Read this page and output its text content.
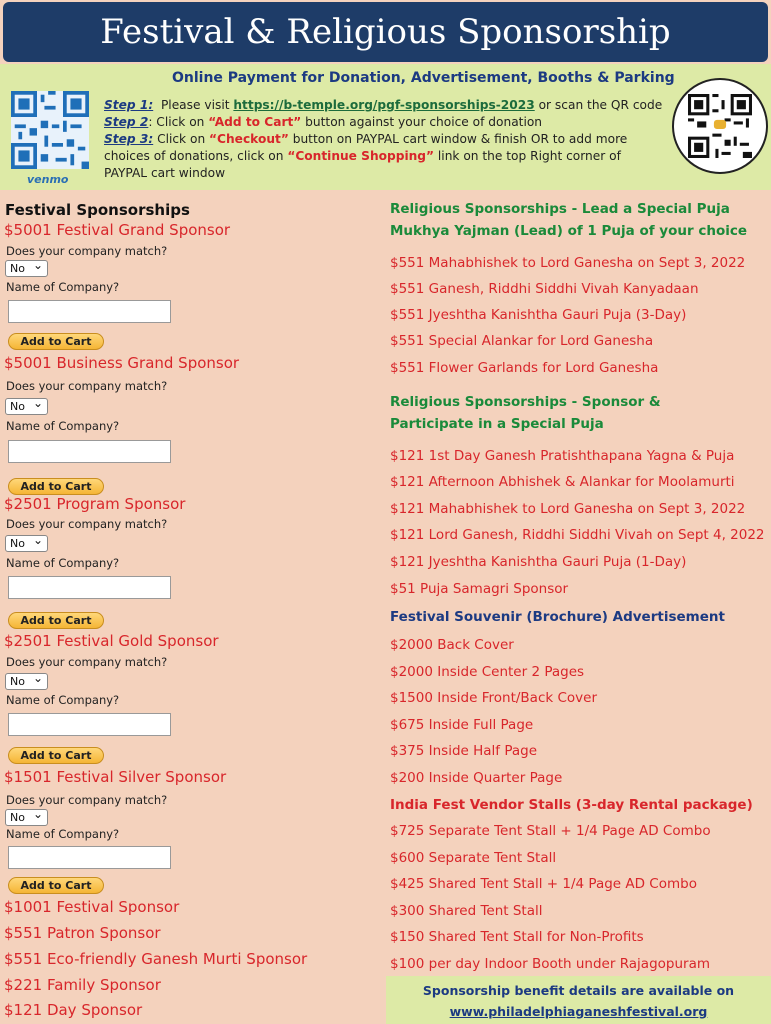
Festival & Religious Sponsorship
Online Payment for Donation, Advertisement, Booths & Parking
venmo
Step 1: Please visit https://b-temple.org/pgf-sponsorships-2023 or scan the QR code
Step 2: Click on “Add to Cart” button against your choice of donation
Step 3: Click on “Checkout” button on PAYPAL cart window & finish OR to add more choices of donations, click on “Continue Shopping” link on the top Right corner of PAYPAL cart window
Festival Sponsorships
$5001 Festival Grand Sponsor
Does your company match?
No ⌄
Name of Company?
Add to Cart
$5001 Business Grand Sponsor
Does your company match?
No ⌄
Name of Company?
Add to Cart
$2501 Program Sponsor
Does your company match?
No ⌄
Name of Company?
Add to Cart
$2501 Festival Gold Sponsor
Does your company match?
No ⌄
Name of Company?
Add to Cart
$1501 Festival Silver Sponsor
Does your company match?
No ⌄
Name of Company?
Add to Cart
$1001 Festival Sponsor
$551 Patron Sponsor
$551 Eco-friendly Ganesh Murti Sponsor
$221 Family Sponsor
$121 Day Sponsor
Religious Sponsorships - Lead a Special Puja
Mukhya Yajman (Lead) of 1 Puja of your choice
$551 Mahabhishek to Lord Ganesha on Sept 3, 2022
$551 Ganesh, Riddhi Siddhi Vivah Kanyadaan
$551 Jyeshtha Kanishtha Gauri Puja (3-Day)
$551 Special Alankar for Lord Ganesha
$551 Flower Garlands for Lord Ganesha
Religious Sponsorships - Sponsor &
Participate in a Special Puja
$121 1st Day Ganesh Pratishthapana Yagna & Puja
$121 Afternoon Abhishek & Alankar for Moolamurti
$121 Mahabhishek to Lord Ganesha on Sept 3, 2022
$121 Lord Ganesh, Riddhi Siddhi Vivah on Sept 4, 2022
$121 Jyeshtha Kanishtha Gauri Puja (1-Day)
$51 Puja Samagri Sponsor
Festival Souvenir (Brochure) Advertisement
$2000 Back Cover
$2000 Inside Center 2 Pages
$1500 Inside Front/Back Cover
$675 Inside Full Page
$375 Inside Half Page
$200 Inside Quarter Page
India Fest Vendor Stalls (3-day Rental package)
$725 Separate Tent Stall + 1/4 Page AD Combo
$600 Separate Tent Stall
$425 Shared Tent Stall + 1/4 Page AD Combo
$300 Shared Tent Stall
$150 Shared Tent Stall for Non-Profits
$100 per day Indoor Booth under Rajagopuram
Sponsorship benefit details are available on
www.philadelphiaganeshfestival.org
